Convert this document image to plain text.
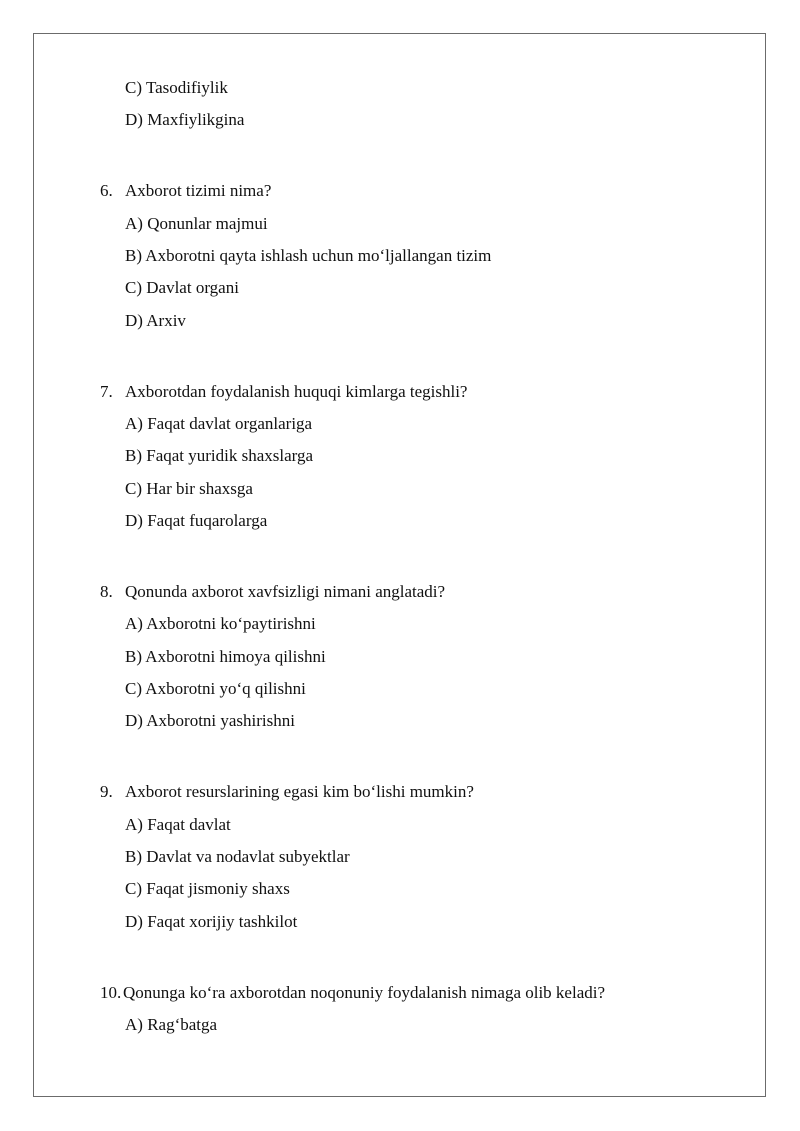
C) Tasodifiylik
D) Maxfiylikgina
6. Axborot tizimi nima?
A) Qonunlar majmui
B) Axborotni qayta ishlash uchun mo‘ljallangan tizim
C) Davlat organi
D) Arxiv
7. Axborotdan foydalanish huquqi kimlarga tegishli?
A) Faqat davlat organlariga
B) Faqat yuridik shaxslarga
C) Har bir shaxsga
D) Faqat fuqarolarga
8. Qonunda axborot xavfsizligi nimani anglatadi?
A) Axborotni ko‘paytirishni
B) Axborotni himoya qilishni
C) Axborotni yo‘q qilishni
D) Axborotni yashirishni
9. Axborot resurslarining egasi kim bo‘lishi mumkin?
A) Faqat davlat
B) Davlat va nodavlat subyektlar
C) Faqat jismoniy shaxs
D) Faqat xorijiy tashkilot
10. Qonunga ko‘ra axborotdan noqonuniy foydalanish nimaga olib keladi?
A) Rag‘batga
